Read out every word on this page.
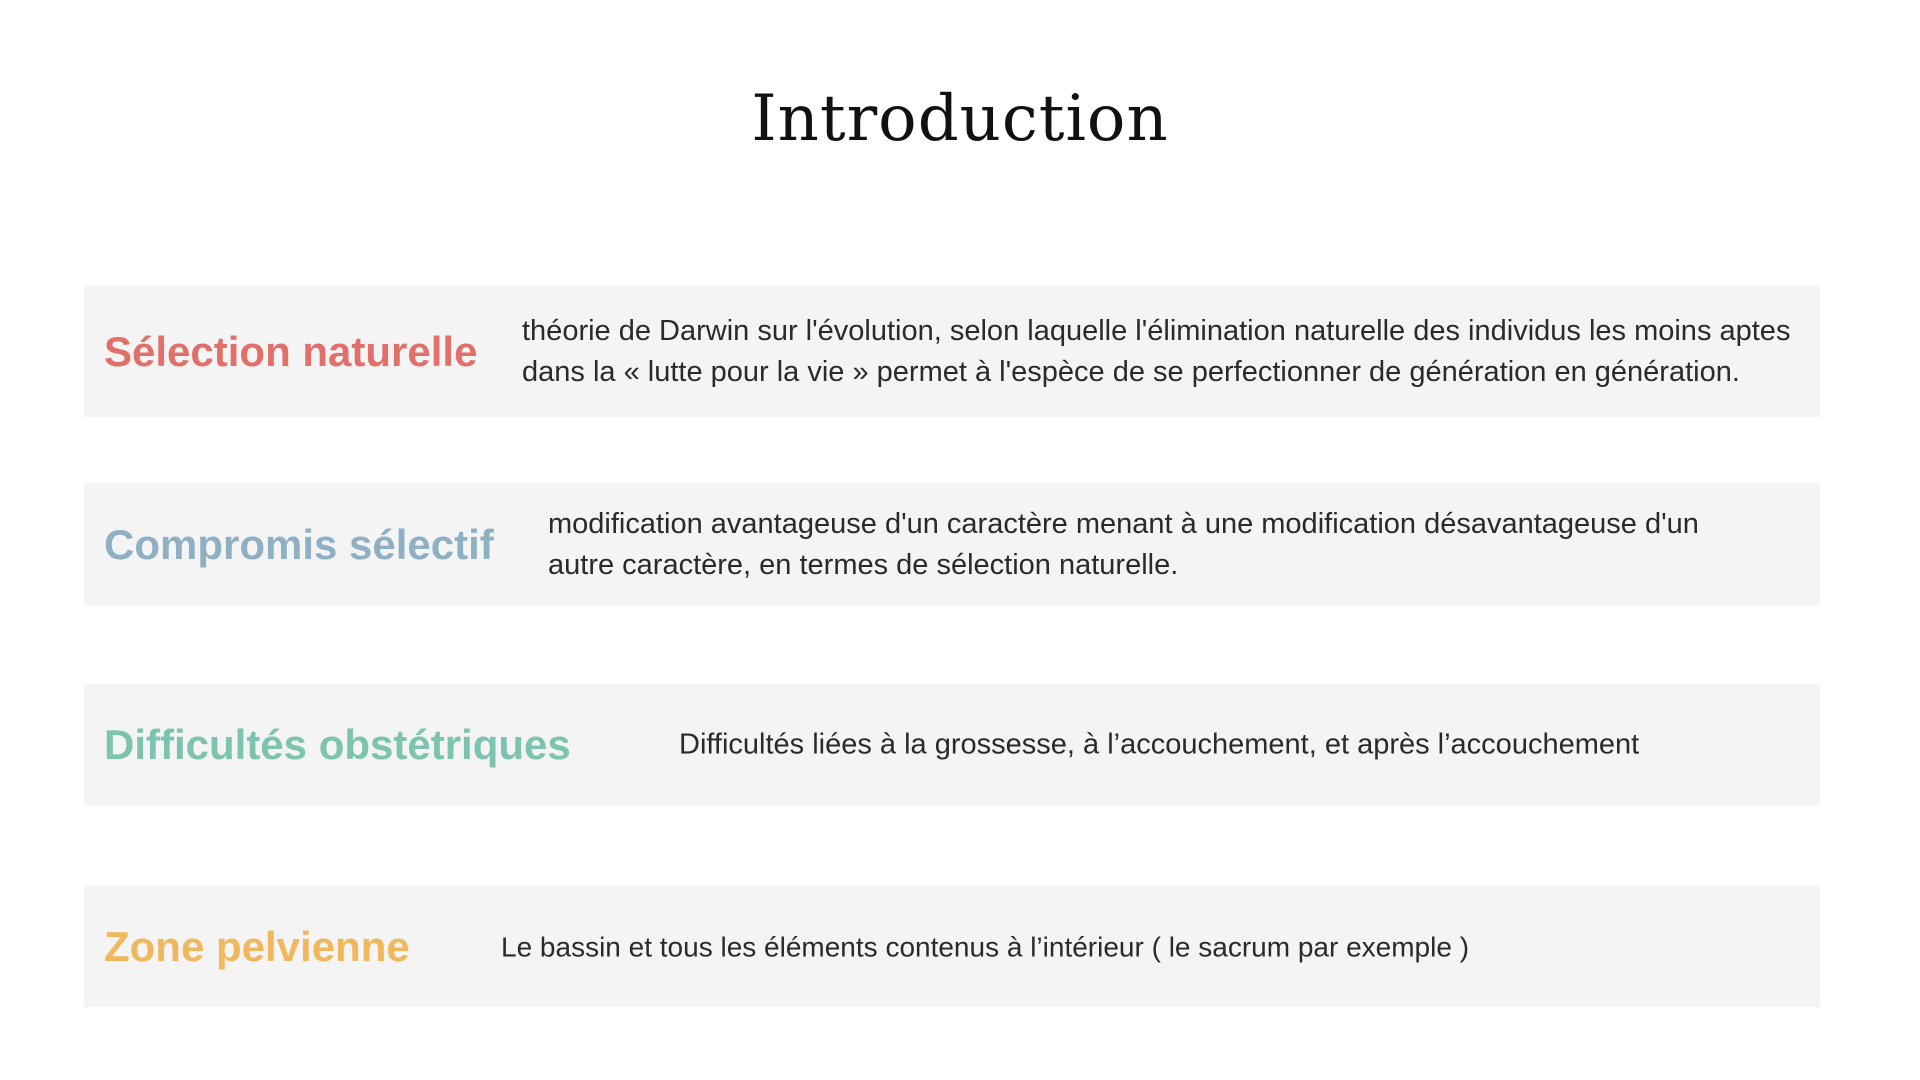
Introduction
Sélection naturelle théorie de Darwin sur l'évolution, selon laquelle l'élimination naturelle des individus les moins aptes dans la « lutte pour la vie » permet à l'espèce de se perfectionner de génération en génération.
Compromis sélectif modification avantageuse d'un caractère menant à une modification désavantageuse d'un autre caractère, en termes de sélection naturelle.
Difficultés obstétriques	Difficultés liées à la grossesse, à l’accouchement, et après l’accouchement
Zone pelvienne	Le bassin et tous les éléments contenus à l’intérieur ( le sacrum par exemple )
